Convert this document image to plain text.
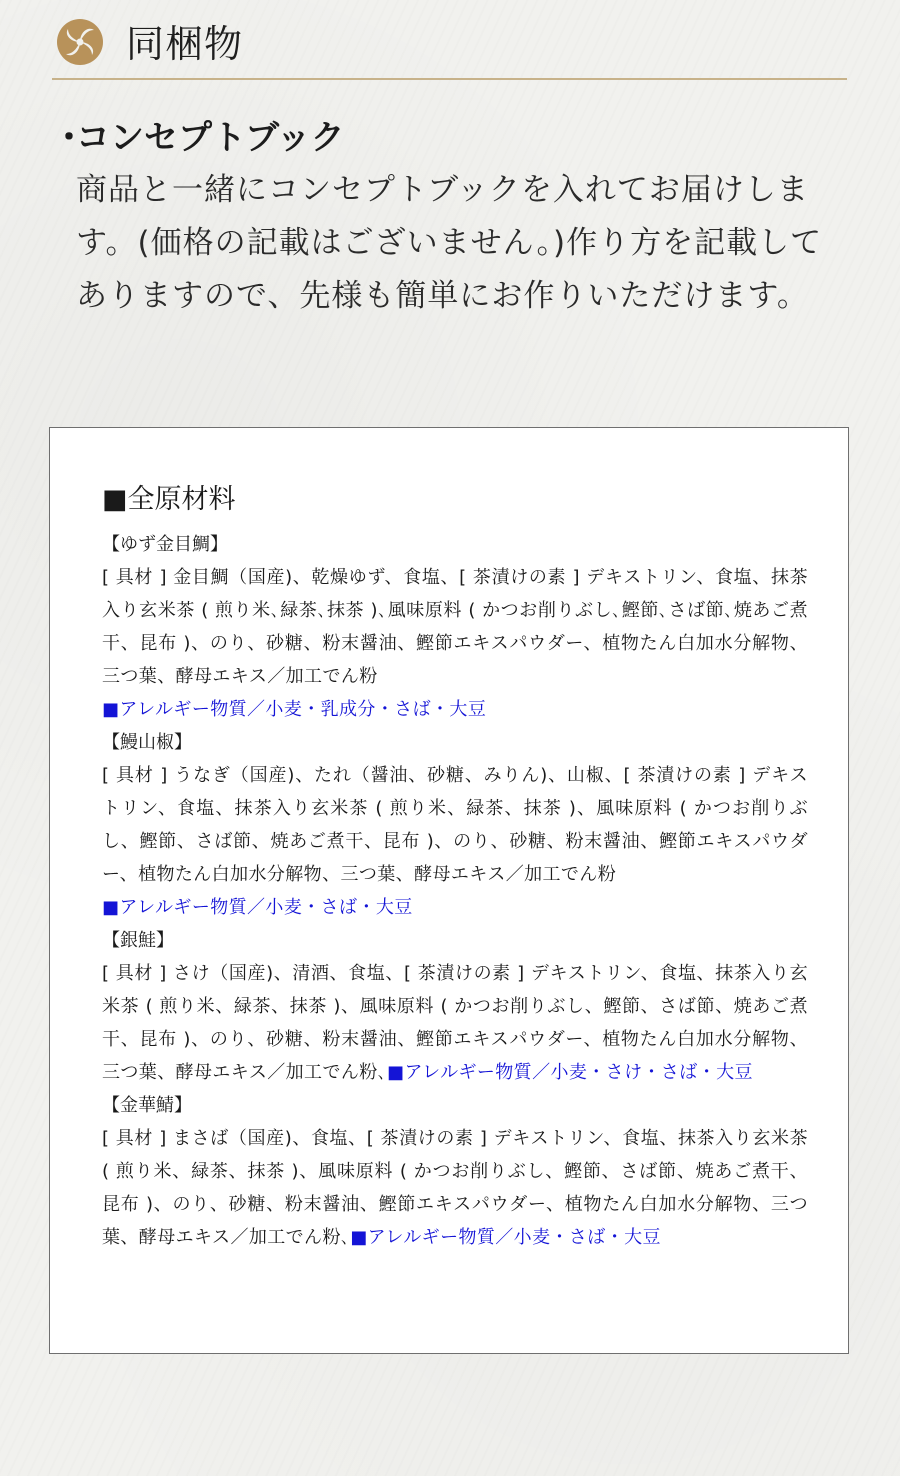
同梱物
・コンセプトブック
商品と一緒にコンセプトブックを入れてお届けします。(価格の記載はございません。)作り方を記載してありますので、先様も簡単にお作りいただけます。
■全原材料
【ゆず金目鯛】
[ 具材 ] 金目鯛（国産)、乾燥ゆず、食塩、[ 茶漬けの素 ] デキストリン、食塩、抹茶入り玄米茶 ( 煎り米､緑茶､抹茶 )､風味原料 ( かつお削りぶし､鰹節､さば節､焼あご煮干、昆布 )、のり、砂糖、粉末醤油、鰹節エキスパウダー、植物たん白加水分解物、三つ葉、酵母エキス／加工でん粉
■アレルギー物質／小麦・乳成分・さば・大豆
【鰻山椒】
[ 具材 ] うなぎ（国産)、たれ（醤油、砂糖、みりん)、山椒、[ 茶漬けの素 ] デキストリン、食塩、抹茶入り玄米茶 ( 煎り米、緑茶、抹茶 )、風味原料 ( かつお削りぶし、鰹節、さば節、焼あご煮干、昆布 )、のり、砂糖、粉末醤油、鰹節エキスパウダー、植物たん白加水分解物、三つ葉、酵母エキス／加工でん粉
■アレルギー物質／小麦・さば・大豆
【銀鮭】
[ 具材 ] さけ（国産)、清酒、食塩、[ 茶漬けの素 ] デキストリン、食塩、抹茶入り玄米茶 ( 煎り米、緑茶、抹茶 )、風味原料 ( かつお削りぶし、鰹節、さば節、焼あご煮干、昆布 )、のり、砂糖、粉末醤油、鰹節エキスパウダー、植物たん白加水分解物、三つ葉、酵母エキス／加工でん粉､■アレルギー物質／小麦・さけ・さば・大豆
【金華鯖】
[ 具材 ] まさば（国産)、食塩、[ 茶漬けの素 ] デキストリン、食塩、抹茶入り玄米茶 ( 煎り米、緑茶、抹茶 )、風味原料 ( かつお削りぶし、鰹節、さば節、焼あご煮干、昆布 )、のり、砂糖、粉末醤油、鰹節エキスパウダー、植物たん白加水分解物、三つ葉、酵母エキス／加工でん粉､■アレルギー物質／小麦・さば・大豆
